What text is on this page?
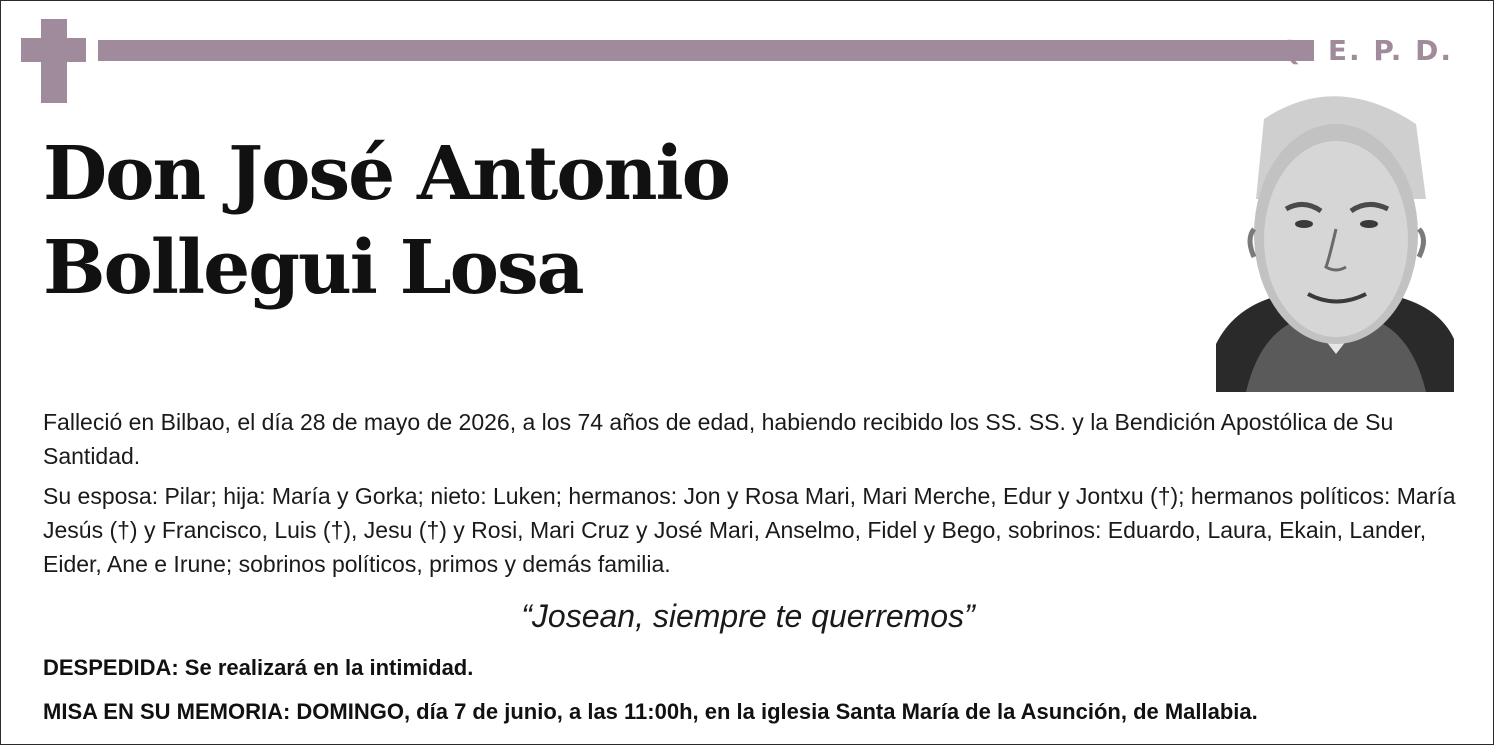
Q. E. P. D.
Don José Antonio
Bollegui Losa
Falleció en Bilbao, el día 28 de mayo de 2026, a los 74 años de edad, habiendo recibido los SS. SS. y la Bendición Apostólica de Su Santidad.
Su esposa: Pilar; hija: María y Gorka; nieto: Luken; hermanos: Jon y Rosa Mari, Mari Merche, Edur y Jontxu (†); hermanos políticos: María Jesús (†) y Francisco, Luis (†), Jesu (†) y Rosi, Mari Cruz y José Mari, Anselmo, Fidel y Bego, sobrinos: Eduardo, Laura, Ekain, Lander, Eider, Ane e Irune; sobrinos políticos, primos y demás familia.
“Josean, siempre te querremos”
DESPEDIDA: Se realizará en la intimidad.
MISA EN SU MEMORIA: DOMINGO, día 7 de junio, a las 11:00h, en la iglesia Santa María de la Asunción, de Mallabia.
